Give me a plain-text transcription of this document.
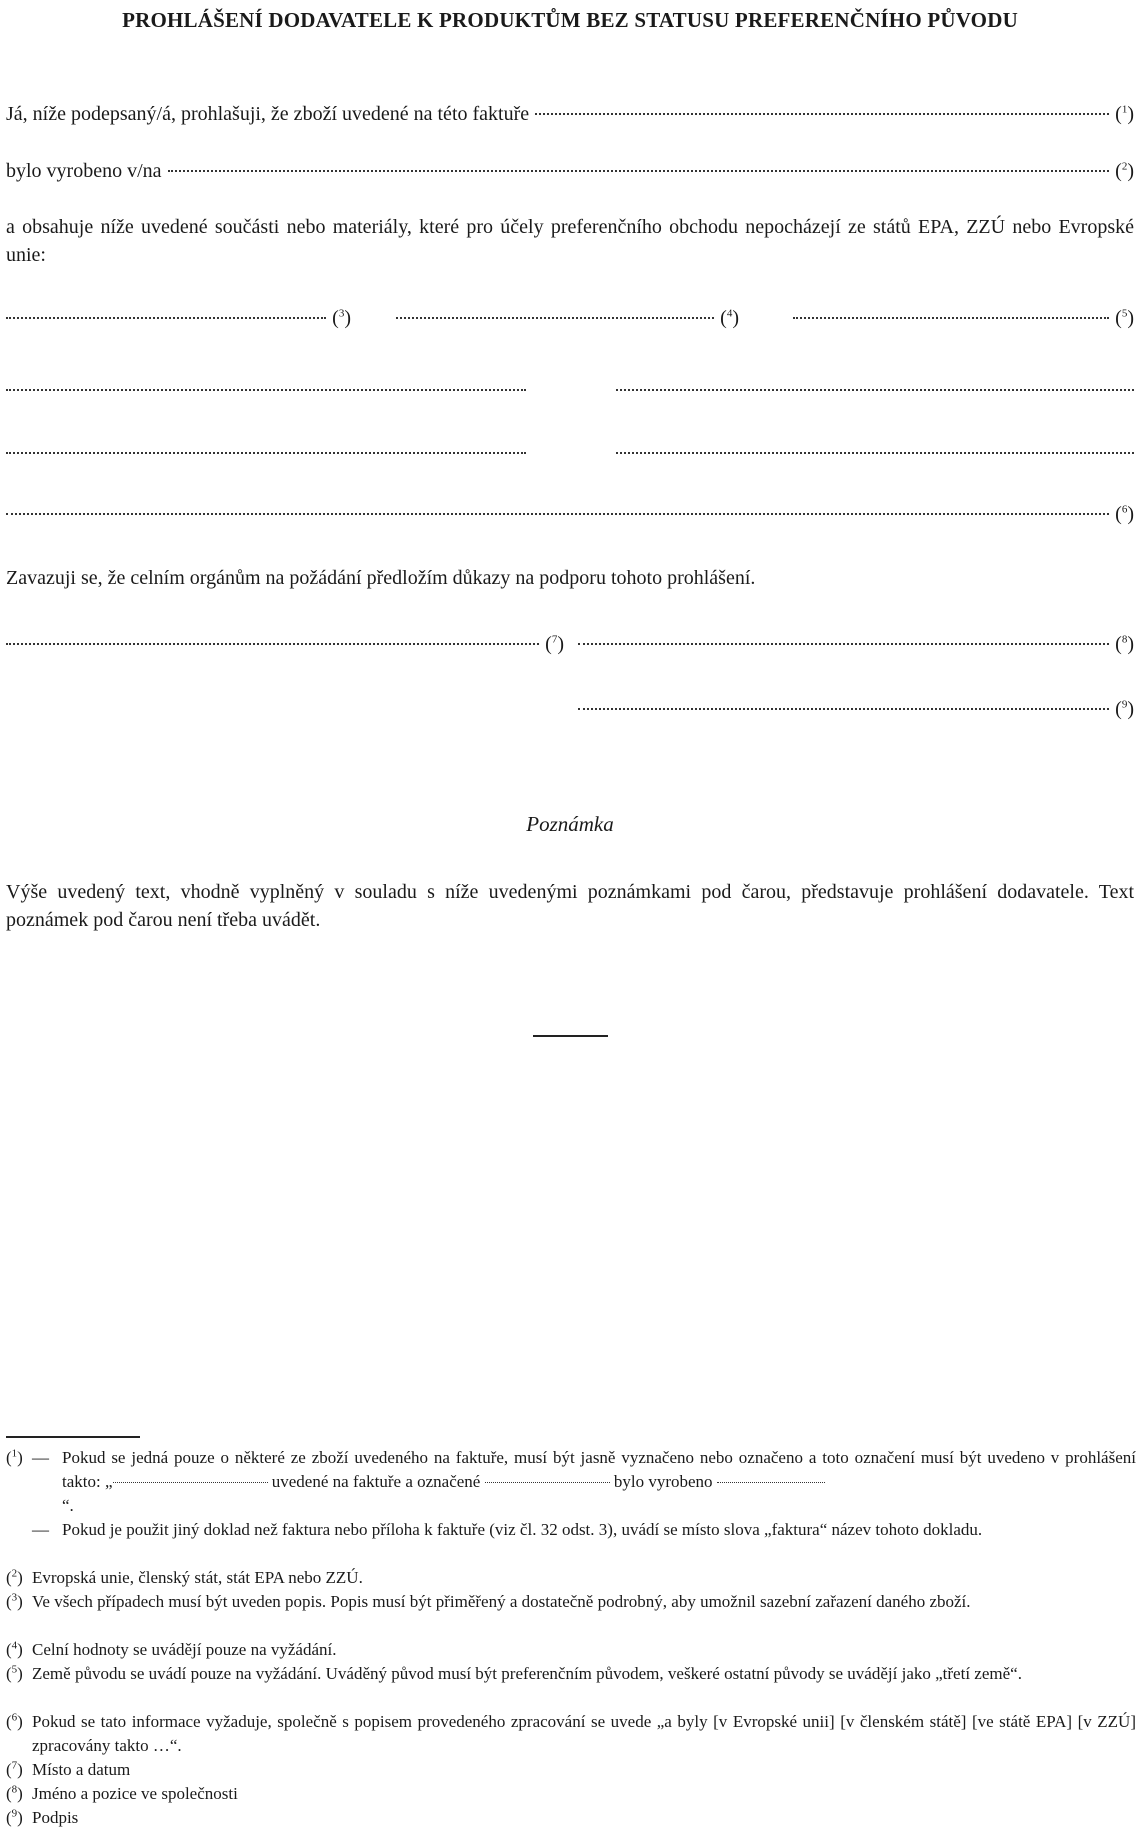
PROHLÁŠENÍ DODAVATELE K PRODUKTŮM BEZ STATUSU PREFERENČNÍHO PŮVODU
Já, níže podepsaný/á, prohlašuji, že zboží uvedené na této faktuře	($^1$)
bylo vyrobeno v/na	($^2$)
a obsahuje níže uvedené součásti nebo materiály, které pro účely preferenčního obchodu nepocházejí ze států EPA, ZZÚ nebo Evropské unie:
($^3$)	($^4$)	($^5$)
($^6$)
Zavazuji se, že celním orgánům na požádání předložím důkazy na podporu tohoto prohlášení.
($^7$)	($^8$)
($^9$)
Poznámka
Výše uvedený text, vhodně vyplněný v souladu s níže uvedenými poznámkami pod čarou, představuje prohlášení dodavatele. Text poznámek pod čarou není třeba uvádět.
($^1$) — Pokud se jedná pouze o některé ze zboží uvedeného na faktuře, musí být jasně vyznačeno nebo označeno a toto označení musí být uvedeno v prohlášení takto: „	uvedené na faktuře a označené	bylo vyrobeno
“.
— Pokud je použit jiný doklad než faktura nebo příloha k faktuře (viz čl. 32 odst. 3), uvádí se místo slova „faktura“ název tohoto dokladu.
($^2$) Evropská unie, členský stát, stát EPA nebo ZZÚ.
($^3$) Ve všech případech musí být uveden popis. Popis musí být přiměřený a dostatečně podrobný, aby umožnil sazební zařazení daného zboží.
($^4$) Celní hodnoty se uvádějí pouze na vyžádání.
($^5$) Země původu se uvádí pouze na vyžádání. Uváděný původ musí být preferenčním původem, veškeré ostatní původy se uvádějí jako „třetí země“.
($^6$) Pokud se tato informace vyžaduje, společně s popisem provedeného zpracování se uvede „a byly [v Evropské unii] [v členském státě] [ve státě EPA] [v ZZÚ] zpracovány takto …“.
($^7$) Místo a datum
($^8$) Jméno a pozice ve společnosti
($^9$) Podpis
